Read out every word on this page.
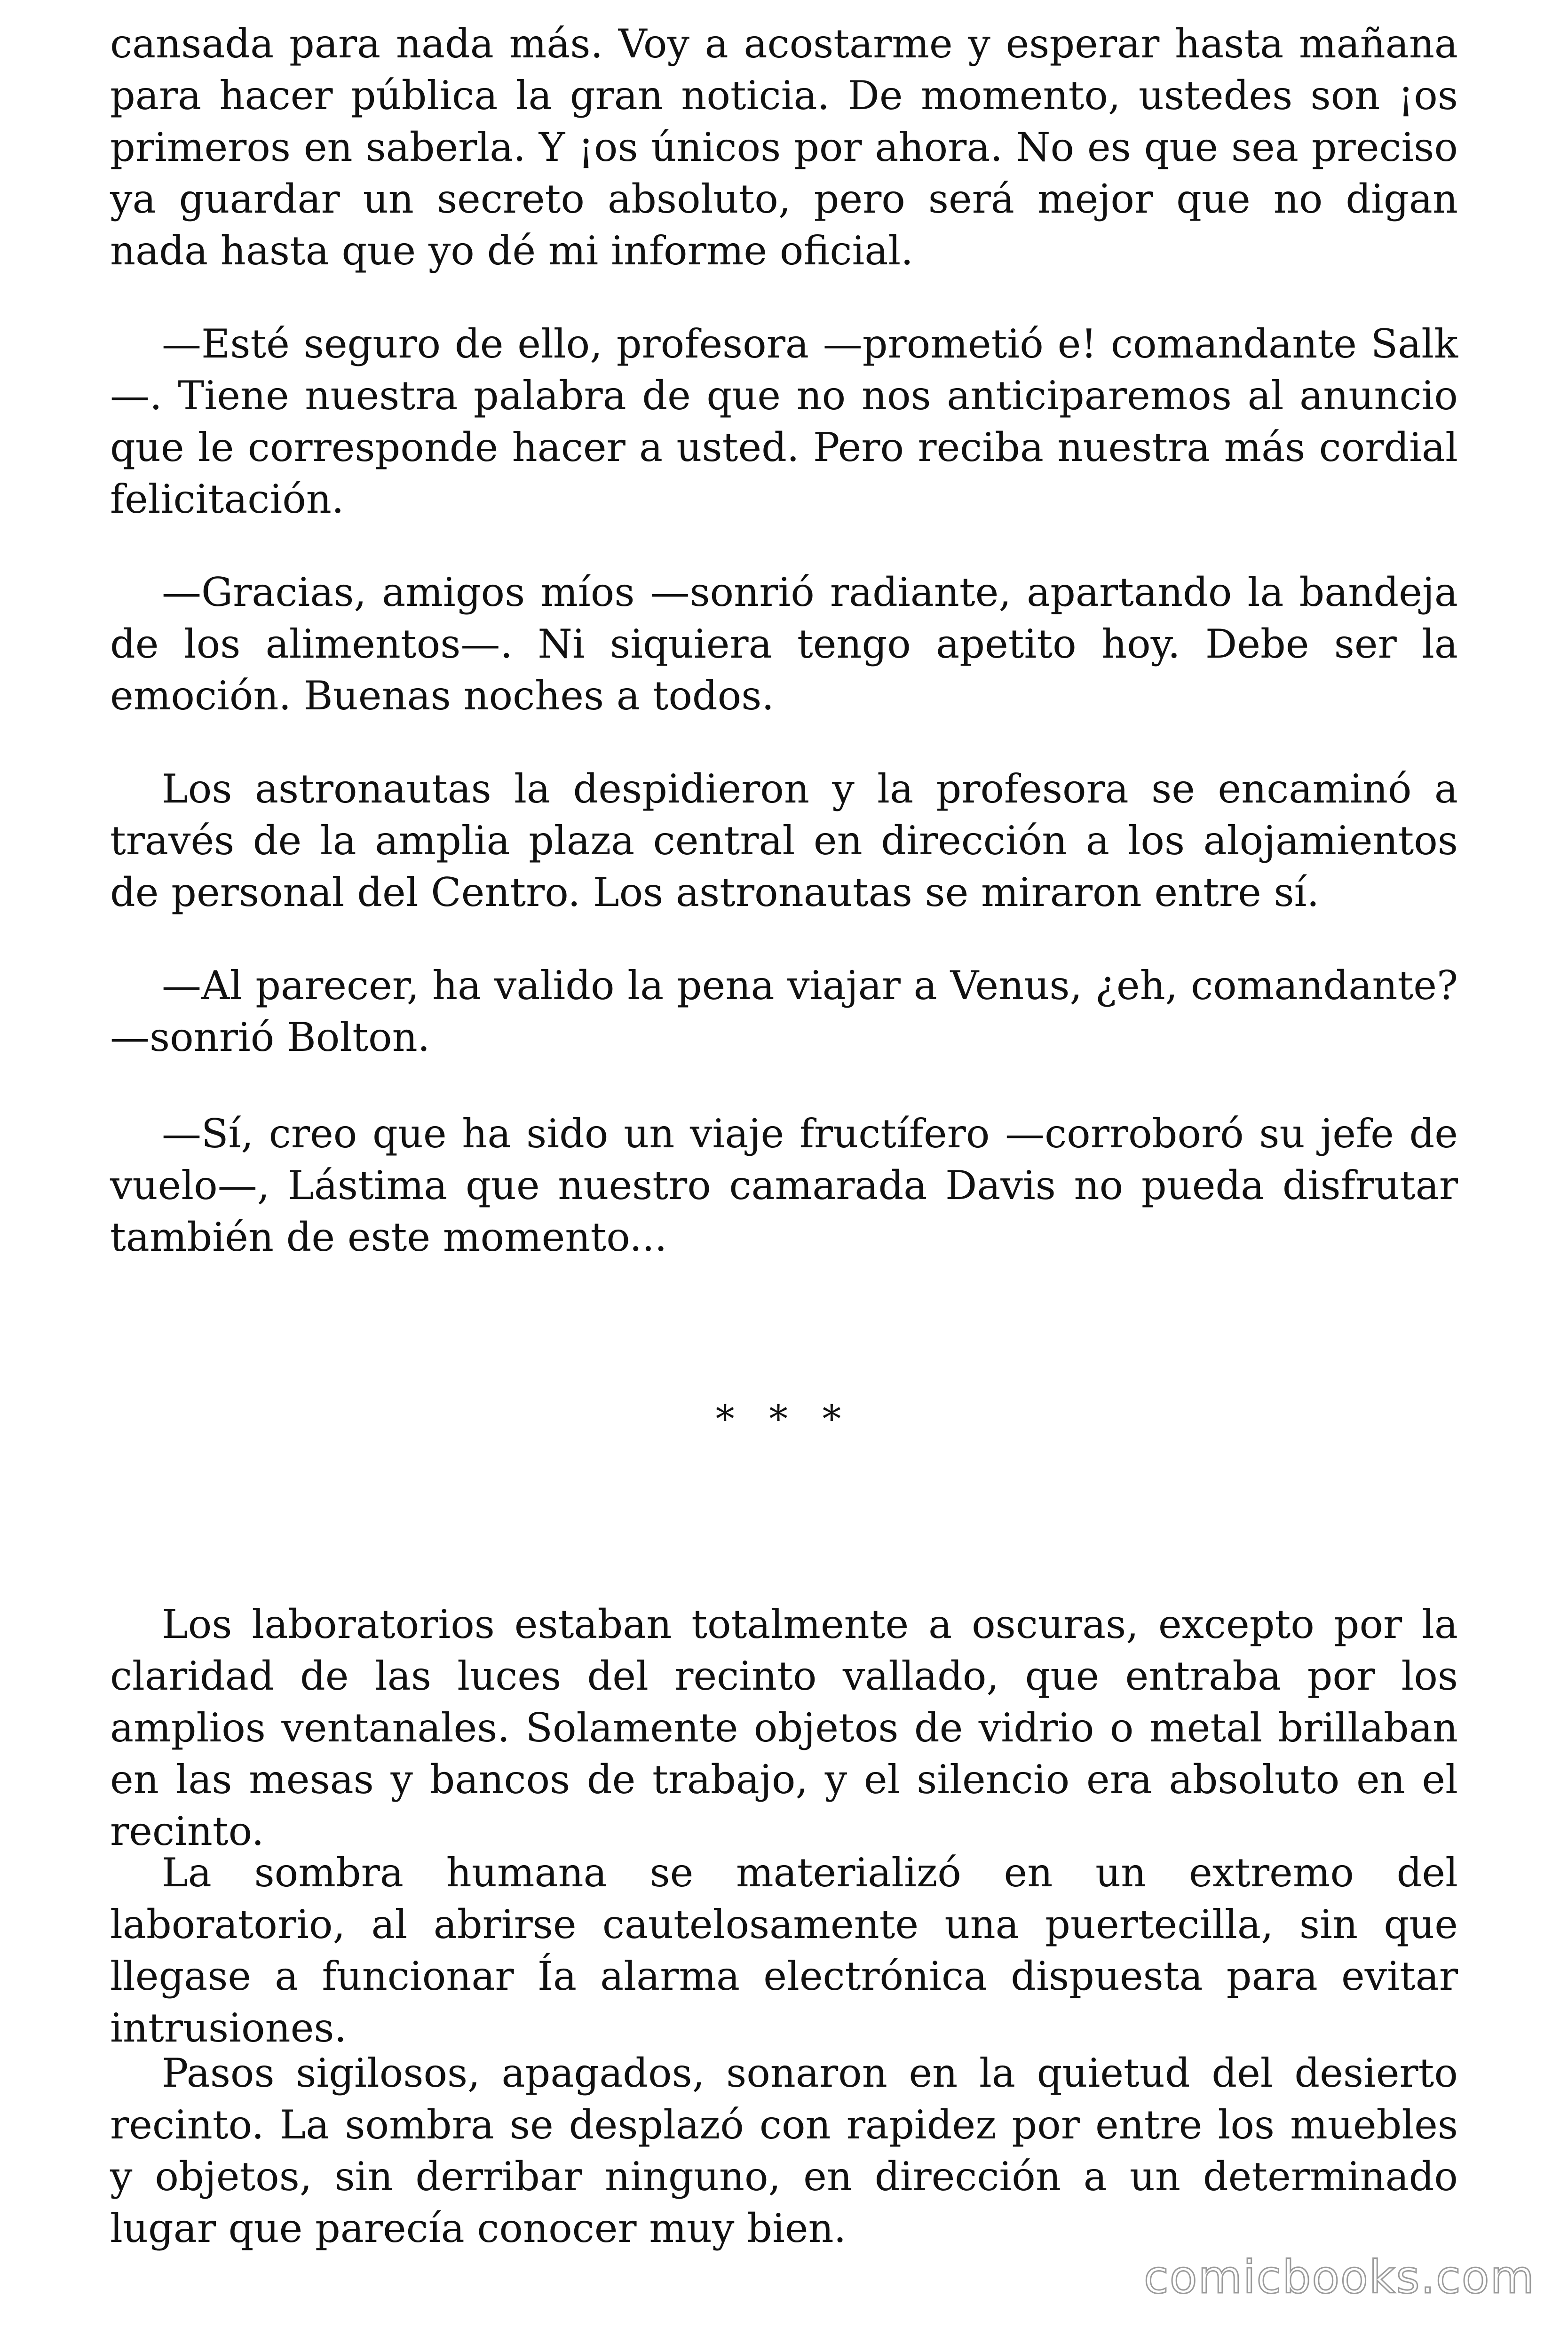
cansada para nada más. Voy a acostarme y esperar hasta mañana para hacer pública la gran noticia. De momento, ustedes son ¡os primeros en saberla. Y ¡os únicos por ahora. No es que sea preciso ya guardar un secreto absoluto, pero será mejor que no digan nada hasta que yo dé mi informe oficial.

—Esté seguro de ello, profesora —prometió e! comandante Salk—. Tiene nuestra palabra de que no nos anticiparemos al anuncio que le corresponde hacer a usted. Pero reciba nuestra más cordial felicitación.

—Gracias, amigos míos —sonrió radiante, apartando la bandeja de los alimentos—. Ni siquiera tengo apetito hoy. Debe ser la emoción. Buenas noches a todos.

Los astronautas la despidieron y la profesora se encaminó a través de la amplia plaza central en dirección a los alojamientos de personal del Centro. Los astronautas se miraron entre sí.

—Al parecer, ha valido la pena viajar a Venus, ¿eh, comandante? —sonrió Bolton.

—Sí, creo que ha sido un viaje fructífero —corroboró su jefe de vuelo—, Lástima que nuestro camarada Davis no pueda disfrutar también de este momento...

* * *

Los laboratorios estaban totalmente a oscuras, excepto por la claridad de las luces del recinto vallado, que entraba por los amplios ventanales. Solamente objetos de vidrio o metal brillaban en las mesas y bancos de trabajo, y el silencio era absoluto en el recinto.

La sombra humana se materializó en un extremo del laboratorio, al abrirse cautelosamente una puertecilla, sin que llegase a funcionar Ía alarma electrónica dispuesta para evitar intrusiones.

Pasos sigilosos, apagados, sonaron en la quietud del desierto recinto. La sombra se desplazó con rapidez por entre los muebles y objetos, sin derribar ninguno, en dirección a un determinado lugar que parecía conocer muy bien.

comicbooks.com
